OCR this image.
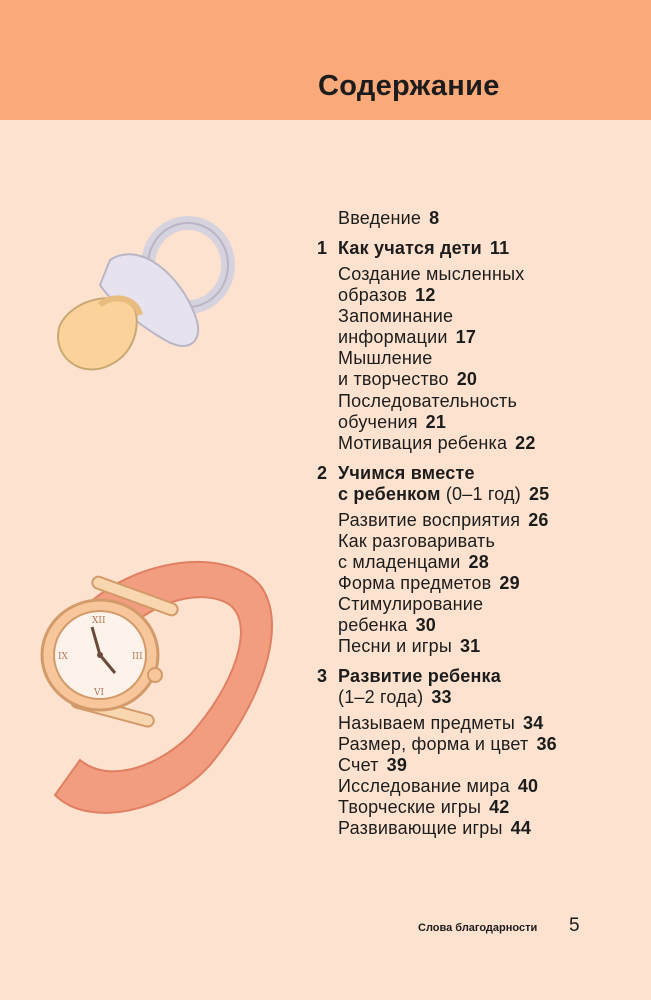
Содержание
XII
III
VI
IX
Введение 8
1 Как учатся дети 11
Создание мысленных
образов 12
Запоминание
информации 17
Мышление
и творчество 20
Последовательность
обучения 21
Мотивация ребенка 22
2 Учимся вместе
с ребенком (0–1 год) 25
Развитие восприятия 26
Как разговаривать
с младенцами 28
Форма предметов 29
Стимулирование
ребенка 30
Песни и игры 31
3 Развитие ребенка
(1–2 года) 33
Называем предметы 34
Размер, форма и цвет 36
Счет 39
Исследование мира 40
Творческие игры 42
Развивающие игры 44
Слова благодарности 5
